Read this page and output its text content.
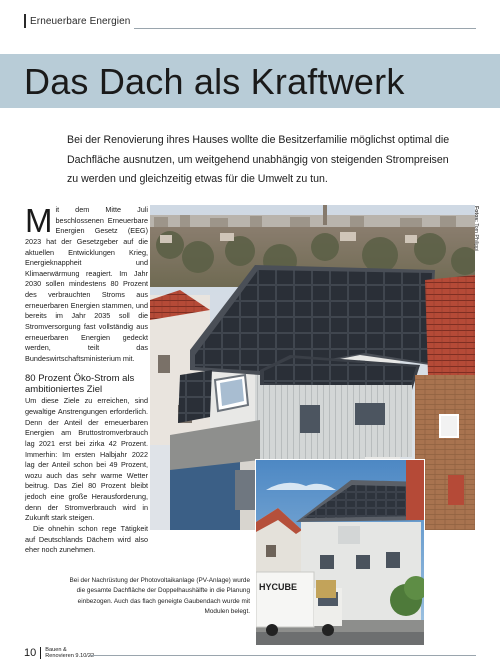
Erneuerbare Energien
Das Dach als Kraftwerk

Bei der Renovierung ihres Hauses wollte die Besitzerfamilie möglichst optimal die Dachfläche ausnutzen, um weitgehend unabhängig von steigenden Strompreisen zu werden und gleichzeitig etwas für die Umwelt zu tun.

M it dem Mitte Juli beschlossenen Erneuerbare Energien Gesetz (EEG) 2023 hat der Gesetzgeber auf die aktuellen Entwicklungen Krieg, Energieknappheit und Klimaerwärmung reagiert. Im Jahr 2030 sollen mindestens 80 Prozent des verbrauchten Stroms aus erneuerbaren Energien stammen, und bereits im Jahr 2035 soll die Stromversorgung fast vollständig aus erneuerbaren Energien gedeckt werden, teilt das Bundeswirtschaftsministerium mit.

80 Prozent Öko-Strom als ambitioniertes Ziel

Um diese Ziele zu erreichen, sind gewaltige Anstrengungen erforderlich. Denn der Anteil der erneuerbaren Energien am Bruttostromverbrauch lag 2021 erst bei zirka 42 Prozent. Immerhin: Im ersten Halbjahr 2022 lag der Anteil schon bei 49 Prozent, wozu auch das sehr warme Wetter beitrug. Das Ziel 80 Prozent bleibt jedoch eine große Herausforderung, denn der Stromverbrauch wird in Zukunft stark steigen.

Die ohnehin schon rege Tätigkeit auf Deutschlands Dächern wird also eher noch zunehmen.

HYCUBE
Fotos: Tom Philippi

Bei der Nachrüstung der Photovoltaikanlage (PV-Anlage) wurde die gesamte Dachfläche der Doppelhaushälfte in die Planung einbezogen. Auch das flach geneigte Gaubendach wurde mit Modulen belegt.

10	Bauen &
Renovieren 9.10/22
